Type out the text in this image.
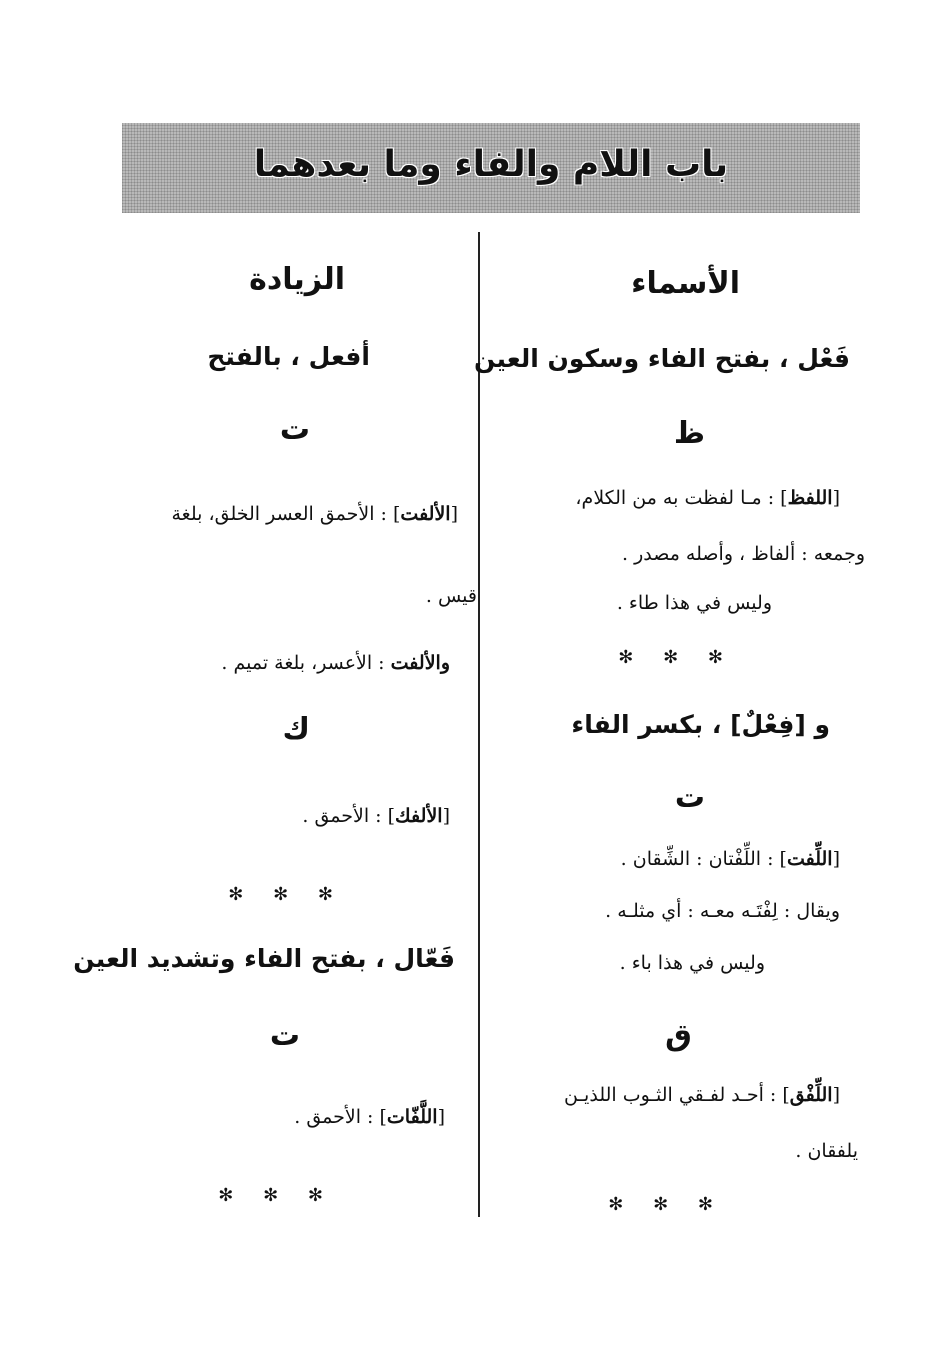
باب اللام والفاء وما بعدهما
الأسماء
فَعْل ، بفتح الفاء وسكون العين
ظ
[اللفظ] : مـا لفظت به من الكلام،
وجمعه : ألفاظ ، وأصله مصدر .
وليس في هذا طاء .
✻ ✻ ✻
و [فِعْلٌ] ، بكسر الفاء
ت
[اللِّفت] : اللِّفْتان : الشِّقان .
ويقال : لِفْتَـه معـه : أي مثلـه .
وليس في هذا باء .
ق
[اللِّفْق] : أحـد لفـقي الثـوب اللذيـن
يلفقان .
✻ ✻ ✻
الزيادة
أفعل ، بالفتح
ت
[الألفت] : الأحمق العسر الخلق، بلغة
قيس .
والألفت : الأعسر، بلغة تميم .
ك
[الألفك] : الأحمق .
✻ ✻ ✻
فَعّال ، بفتح الفاء وتشديد العين
ت
[اللَّفّات] : الأحمق .
✻ ✻ ✻
